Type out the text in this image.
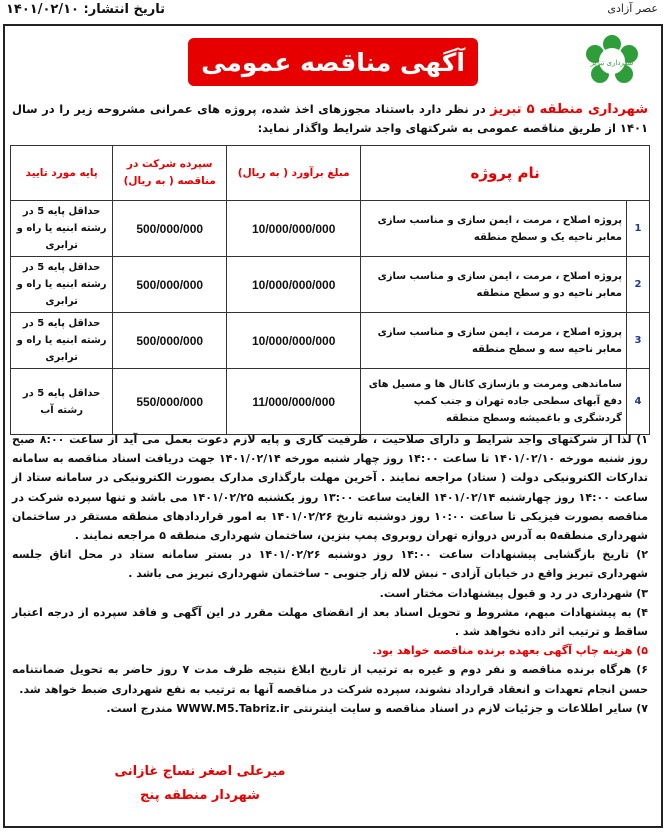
تاریخ انتشار: ۱۴۰۱/۰۲/۱۰	عصر آزادی
شهرداری تبریز
آگهی مناقصه عمومی
شهرداری منطقه ۵ تبریز در نظر دارد باستناد مجوزهای اخذ شده، پروژه های عمرانی مشروحه زیر را در سال ۱۴۰۱ از طریق مناقصه عمومی به شرکتهای واجد شرایط واگذار نماید:
نام پروژه		مبلغ برآورد ( به ریال)	سپرده شرکت در مناقصه ( به ریال)	پایه مورد تایید
1	پروژه اصلاح ، مرمت ، ایمن سازی و مناسب سازی معابر ناحیه یک و سطح منطقه	10/000/000/000	500/000/000	حداقل پایه 5 در رشته ابنیه یا راه و ترابری
2	پروژه اصلاح ، مرمت ، ایمن سازی و مناسب سازی معابر ناحیه دو و سطح منطقه	10/000/000/000	500/000/000	حداقل پایه 5 در رشته ابنیه یا راه و ترابری
3	پروژه اصلاح ، مرمت ، ایمن سازی و مناسب سازی معابر ناحیه سه و سطح منطقه	10/000/000/000	500/000/000	حداقل پایه 5 در رشته ابنیه یا راه و ترابری
4	ساماندهی ومرمت و بازسازی کانال ها و مسیل های دفع آبهای سطحی جاده تهران و جنب کمپ گردشگری و باغمیشه وسطح منطقه	11/000/000/000	550/000/000	حداقل پایه 5 در رشته آب

۱) لذا از شرکتهای واجد شرایط و دارای صلاحیت ، ظرفیت کاری و پایه لازم دعوت بعمل می آید از ساعت ۸:۰۰ صبح روز شنبه مورخه ۱۴۰۱/۰۲/۱۰ تا ساعت ۱۴:۰۰ روز چهار شنبه مورخه ۱۴۰۱/۰۲/۱۴ جهت دریافت اسناد مناقصه به سامانه تدارکات الکترونیکی دولت ( ستاد) مراجعه نمایند . آخرین مهلت بارگذاری مدارک بصورت الکترونیکی در سامانه ستاد از ساعت ۱۴:۰۰ روز چهارشنبه ۱۴۰۱/۰۲/۱۴ الغایت ساعت ۱۳:۰۰ روز یکشنبه ۱۴۰۱/۰۲/۲۵ می باشد و تنها سپرده شرکت در مناقصه بصورت فیزیکی تا ساعت ۱۰:۰۰ روز دوشنبه تاریخ ۱۴۰۱/۰۲/۲۶ به امور قراردادهای منطقه مستقر در ساختمان شهرداری منطقه۵ به آدرس دروازه تهران روبروی پمپ بنزین، ساختمان شهرداری منطقه ۵ مراجعه نمایند .

۲) تاریخ بازگشایی پیشنهادات ساعت ۱۴:۰۰ روز دوشنبه ۱۴۰۱/۰۲/۲۶ در بستر سامانه ستاد در محل اتاق جلسه شهرداری تبریز واقع در خیابان آزادی - نبش لاله زار جنوبی - ساختمان شهرداری تبریز می باشد .

۳) شهرداری در رد و قبول پیشنهادات مختار است.

۴) به پیشنهادات مبهم، مشروط و تحویل اسناد بعد از انقضای مهلت مقرر در این آگهی و فاقد سپرده از درجه اعتبار ساقط و ترتیب اثر داده نخواهد شد .

۵) هزینه چاپ آگهی بعهده برنده مناقصه خواهد بود.

۶) هرگاه برنده مناقصه و نفر دوم و غیره به ترتیب از تاریخ ابلاغ نتیجه ظرف مدت ۷ روز حاضر به تحویل ضمانتنامه حسن انجام تعهدات و انعقاد قرارداد نشوند، سپرده شرکت در مناقصه آنها به ترتیب به نفع شهرداری ضبط خواهد شد.

۷) سایر اطلاعات و جزئیات لازم در اسناد مناقصه و سایت اینترنتی WWW.M5.Tabriz.ir مندرج است.

میرعلی اصغر نساج غازانی
شهردار منطقه پنج
